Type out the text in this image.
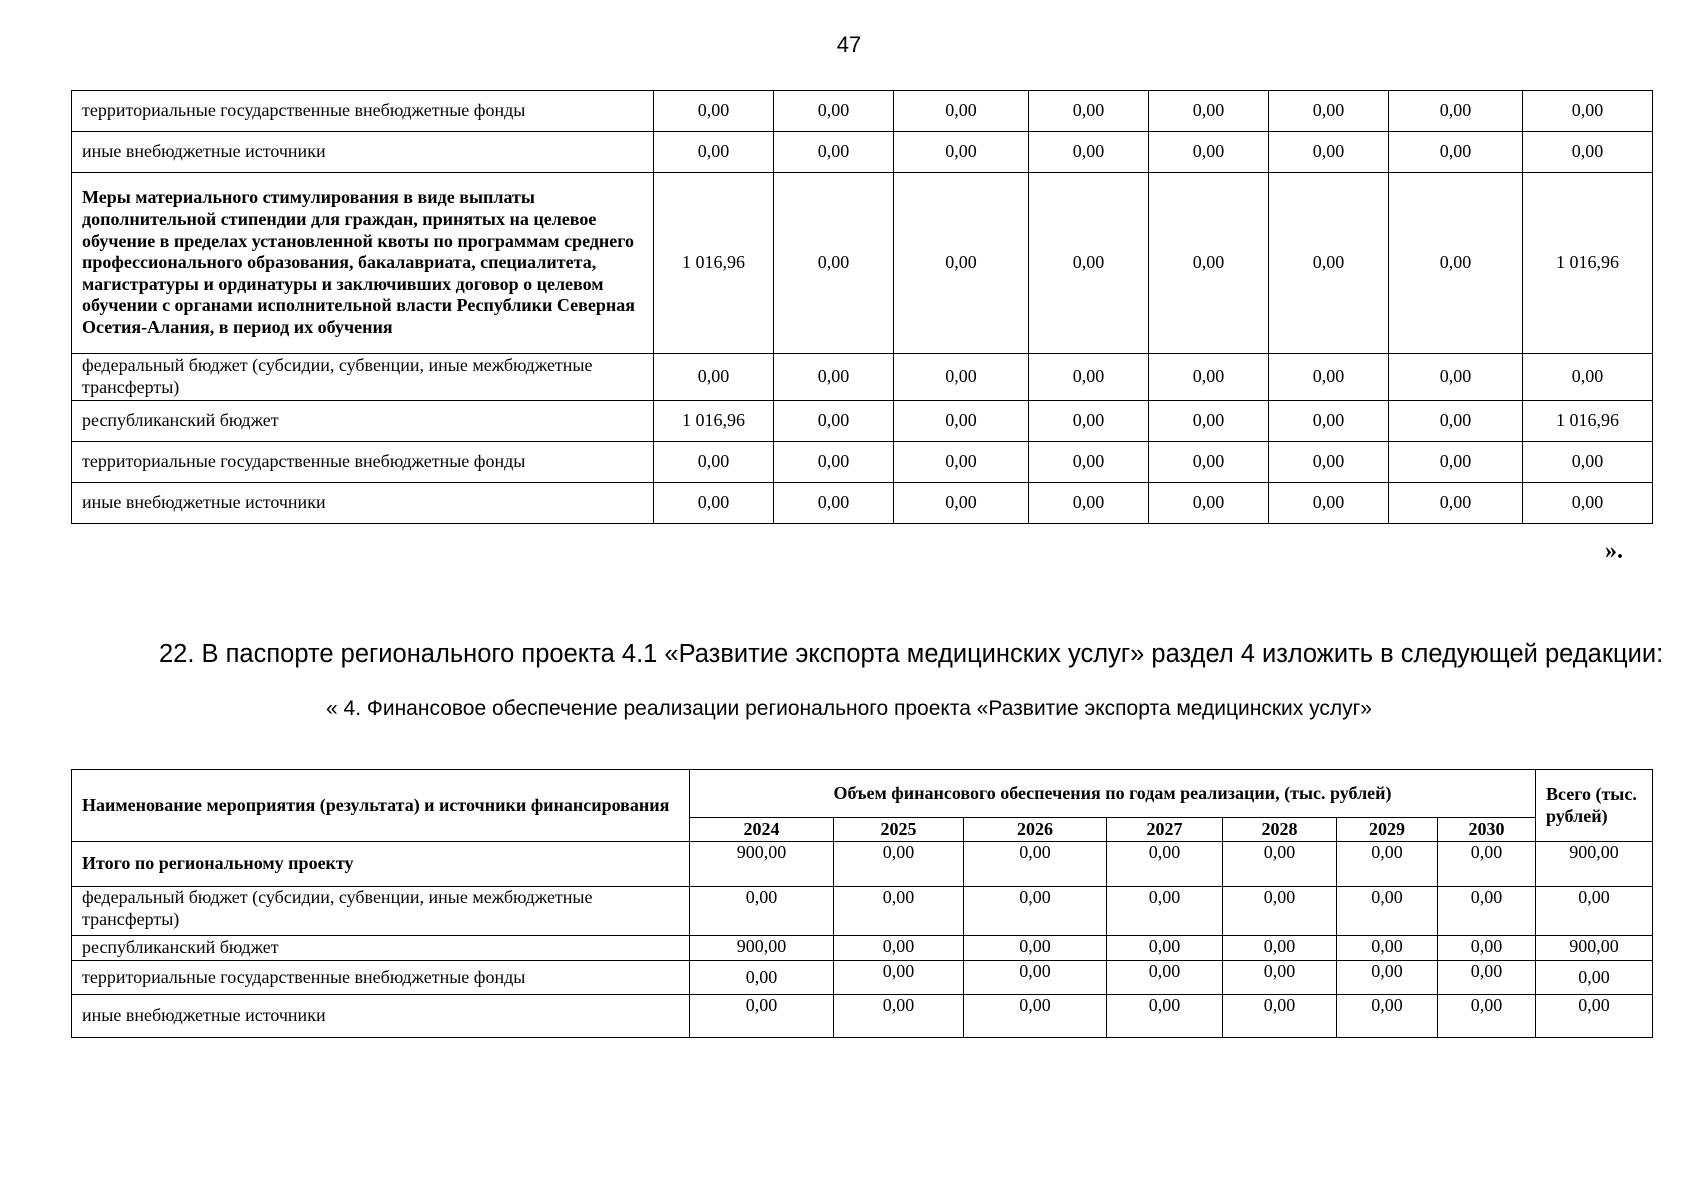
47
территориальные государственные внебюджетные фонды	0,00	0,00	0,00	0,00	0,00	0,00	0,00	0,00
иные внебюджетные источники	0,00	0,00	0,00	0,00	0,00	0,00	0,00	0,00
Меры материального стимулирования в виде выплаты дополнительной стипендии для граждан, принятых на целевое обучение в пределах установленной квоты по программам среднего профессионального образования, бакалавриата, специалитета, магистратуры и ординатуры и заключивших договор о целевом обучении с органами исполнительной власти Республики Северная Осетия-Алания, в период их обучения	1 016,96	0,00	0,00	0,00	0,00	0,00	0,00	1 016,96
федеральный бюджет (субсидии, субвенции, иные межбюджетные трансферты)	0,00	0,00	0,00	0,00	0,00	0,00	0,00	0,00
республиканский бюджет	1 016,96	0,00	0,00	0,00	0,00	0,00	0,00	1 016,96
территориальные государственные внебюджетные фонды	0,00	0,00	0,00	0,00	0,00	0,00	0,00	0,00
иные внебюджетные источники	0,00	0,00	0,00	0,00	0,00	0,00	0,00	0,00
».
22. В паспорте регионального проекта 4.1 «Развитие экспорта медицинских услуг» раздел 4 изложить в следующей редакции:
« 4. Финансовое обеспечение реализации регионального проекта «Развитие экспорта медицинских услуг»
Наименование мероприятия (результата) и источники финансирования	Объем финансового обеспечения по годам реализации, (тыс. рублей)							Всего (тыс. рублей)
	2024	2025	2026	2027	2028	2029	2030	
Итого по региональному проекту	900,00	0,00	0,00	0,00	0,00	0,00	0,00	900,00
федеральный бюджет (субсидии, субвенции, иные межбюджетные трансферты)	0,00	0,00	0,00	0,00	0,00	0,00	0,00	0,00
республиканский бюджет	900,00	0,00	0,00	0,00	0,00	0,00	0,00	900,00
территориальные государственные внебюджетные фонды	0,00	0,00	0,00	0,00	0,00	0,00	0,00	0,00
иные внебюджетные источники	0,00	0,00	0,00	0,00	0,00	0,00	0,00	0,00
